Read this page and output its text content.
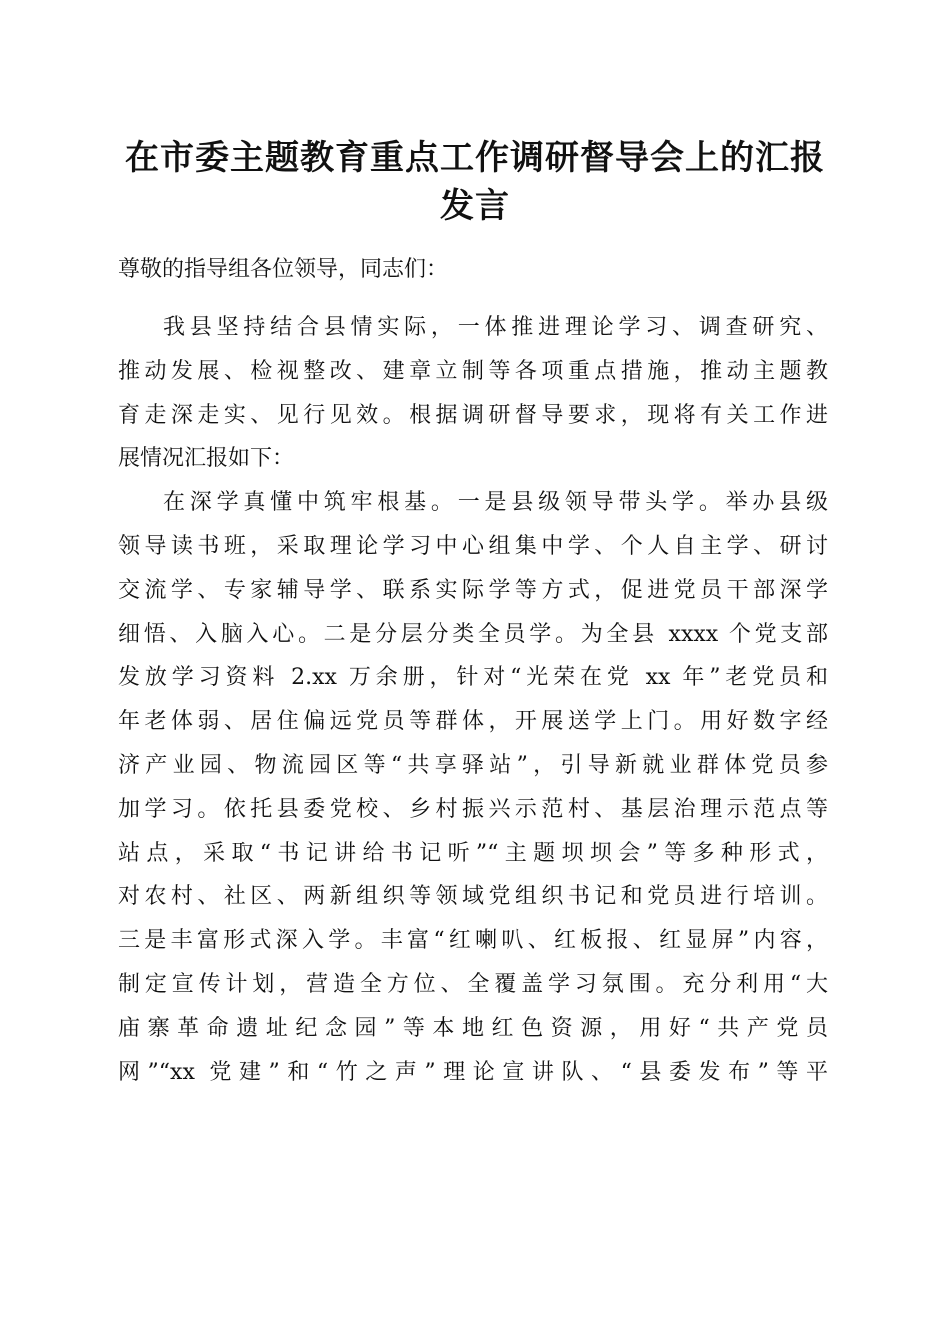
在市委主题教育重点工作调研督导会上的汇报
发言
尊敬的指导组各位领导，同志们：
我县坚持结合县情实际，一体推进理论学习、调查研究、
推动发展、检视整改、建章立制等各项重点措施，推动主题教
育走深走实、见行见效。根据调研督导要求，现将有关工作进
展情况汇报如下：
在深学真懂中筑牢根基。一是县级领导带头学。举办县级
领导读书班，采取理论学习中心组集中学、个人自主学、研讨
交流学、专家辅导学、联系实际学等方式，促进党员干部深学
细悟、入脑入心。二是分层分类全员学。为全县 xxxx 个党支部
发放学习资料 2.xx 万余册，针对“光荣在党 xx 年”老党员和
年老体弱、居住偏远党员等群体，开展送学上门。用好数字经
济产业园、物流园区等“共享驿站”，引导新就业群体党员参
加学习。依托县委党校、乡村振兴示范村、基层治理示范点等
站点，采取“书记讲给书记听”“主题坝坝会”等多种形式，
对农村、社区、两新组织等领域党组织书记和党员进行培训。
三是丰富形式深入学。丰富“红喇叭、红板报、红显屏”内容，
制定宣传计划，营造全方位、全覆盖学习氛围。充分利用“大
庙寨革命遗址纪念园”等本地红色资源，用好“共产党员
网”“xx 党建”和“竹之声”理论宣讲队、“县委发布”等平
